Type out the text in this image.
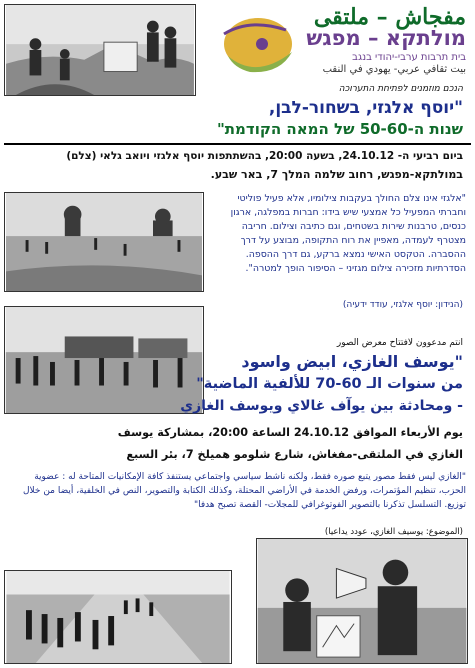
مفجاش – ملتقى
מולתקא – מפגש
בית תרבות ערבי-יהודי בנגב
بيت ثقافي عربي- يهودي في النقب
הנכם מוזמנים לפתיחת התערוכה
"יוסף אלגזי, בשחור-לבן,
שנות ה-50-60 של המאה הקודמת"
ביום רביעי ה- 24.10.12, בשעה 20:00, בהשתתפות יוסף אלגזי ויואב גלאי (צלם)
במולתקא-מפגש, רחוב שלמה המלך 7, באר שבע.
"אלגזי אינו צלם החולך בעקבות צילומיו, אלא פעיל פוליטי וחברתי המפעיל כל אמצעי שיש בידו: חברות במפלגה, ארגון כנסים, טרבנות שירות בשטחים, וגם כתיבה וצילום. חריבה מצטרף לעמדה, מאפיין את רוח התקופה, מבוצע על דרך ההסברה. הטקסט האישי נמצא ברקע, גם דרך ההספה. הסדרתיות מזכירה צילום מגזיני – הסיפור הופך למטרה".
(הנידון: יוסף אלגזי, עודד ידעיה)
انتم مدعوون لافتتاح معرض الصور
"يوسف الغازي، ابيض واسود
من سنوات الـ 60-70 للألفية الماضية"
- ومحادثة بين يوآف غالاي ويوسف الغازي
يوم الأربعاء الموافق 24.10.12 الساعة 20:00، بمشاركة يوسف
الغازي في الملتقى-مفغاش، شارع شلومو هميلخ 7، بئر السبع
"الغازي ليس فقط مصور يتبع صوره فقط، ولكنه ناشط سياسي واجتماعي يستنفذ كافة الإمكانيات المتاحة له : عضوية الحزب، تنظيم المؤتمرات، ورفض الخدمة في الأراضي المحتلة، وكذلك الكتابة والتصوير، النص في الخلفية، أيضا من خلال توزيع. التسلسل تذكرنا بالتصوير الفوتوغرافي للمجلات- القصة تصبح هدفا"
(الموضوع: يوسيف الغازي، عودد يداعيا)
